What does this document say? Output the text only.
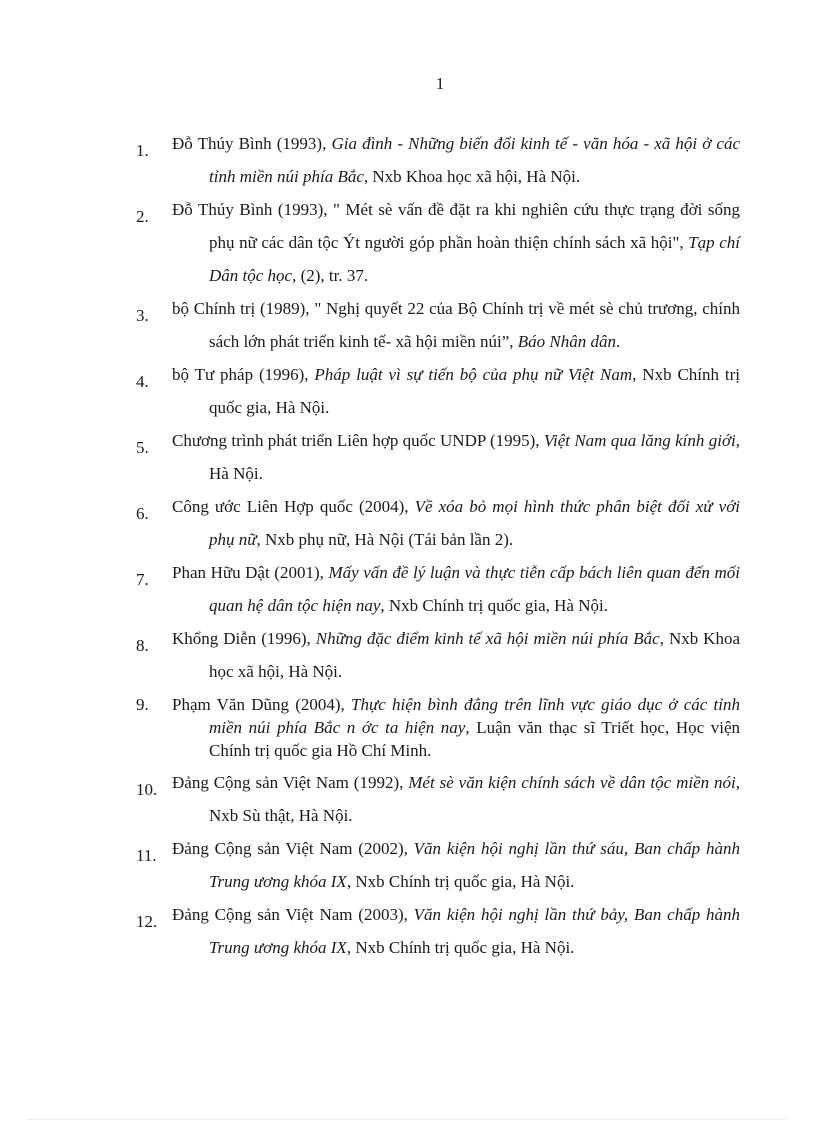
1
1.	Đỗ Thúy Bình (1993), Gia đình - Những biến đổi kinh tế - văn hóa - xã hội ở các tỉnh miền núi phía Bắc, Nxb Khoa học xã hội, Hà Nội.
2.	Đỗ Thúy Bình (1993), " Mét sè vấn đề đặt ra khi nghiên cứu thực trạng đời sống phụ nữ các dân tộc Ýt người góp phần hoàn thiện chính sách xã hội", Tạp chí Dân tộc học, (2), tr. 37.
3.	bộ Chính trị (1989), " Nghị quyết 22 của Bộ Chính trị về mét sè chủ trương, chính sách lớn phát triển kinh tế- xã hội miền núi”, Báo Nhân dân.
4.	bộ Tư pháp (1996), Pháp luật vì sự tiến bộ của phụ nữ Việt Nam, Nxb Chính trị quốc gia, Hà Nội.
5.	Chương trình phát triển Liên hợp quốc UNDP (1995), Việt Nam qua lăng kính giới, Hà Nội.
6.	Công ước Liên Hợp quốc (2004), Về xóa bỏ mọi hình thức phân biệt đối xử với phụ nữ, Nxb phụ nữ, Hà Nội (Tái bản lần 2).
7.	Phan Hữu Dật (2001), Mấy vấn đề lý luận và thực tiễn cấp bách liên quan đến mối quan hệ dân tộc hiện nay, Nxb Chính trị quốc gia, Hà Nội.
8.	Khổng Diễn (1996), Những đặc điểm kinh tế xã hội miền núi phía Bắc, Nxb Khoa học xã hội, Hà Nội.
9.	Phạm Văn Dũng (2004), Thực hiện bình đẳng trên lĩnh vực giáo dục ở các tỉnh miền núi phía Bắc n ớc ta hiện nay, Luận văn thạc sĩ Triết học, Học viện Chính trị quốc gia Hồ Chí Minh.
10. Đảng Cộng sản Việt Nam (1992), Mét sè văn kiện chính sách về dân tộc miền nói, Nxb Sù thật, Hà Nội.
11. Đảng Cộng sản Việt Nam (2002), Văn kiện hội nghị lần thứ sáu, Ban chấp hành Trung ương khóa IX, Nxb Chính trị quốc gia, Hà Nội.
12. Đảng Cộng sản Việt Nam (2003), Văn kiện hội nghị lần thứ bảy, Ban chấp hành Trung ương khóa IX, Nxb Chính trị quốc gia, Hà Nội.
